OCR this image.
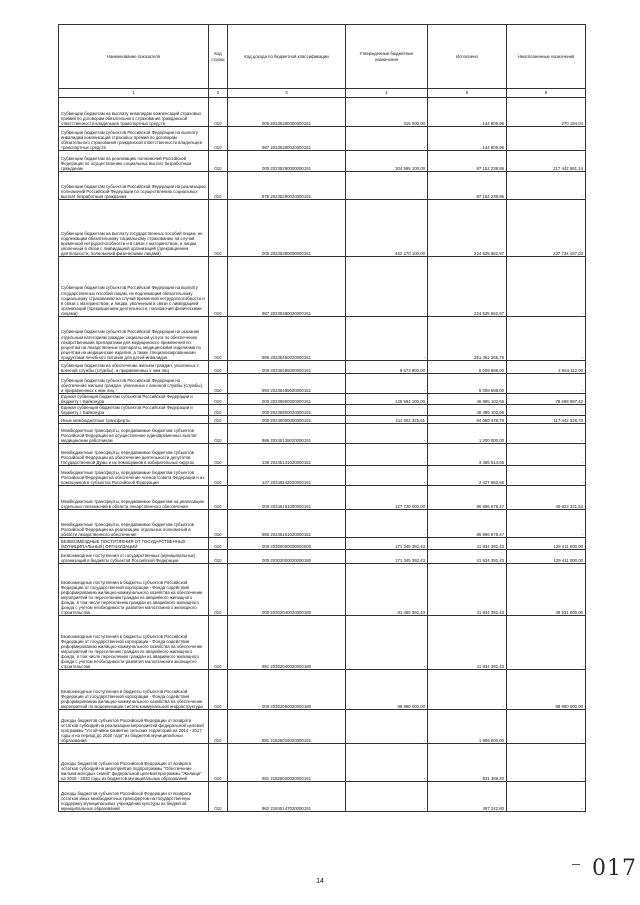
Наименование показателя	Код строки	Код дохода по бюджетной классификации	Утвержденные бюджетные назначения	Исполнено	Неисполненные назначения
1	2	3	4	5	6
Субвенции бюджетам на выплату инвалидам компенсаций страховых премий по договорам обязательного страхования гражданской ответственности владельцев транспортных средств	010	000 20235280000000151	415 000,00	144 805,96	270 194,04
Субвенции бюджетам субъектов Российской Федерации на выплату инвалидам компенсаций страховых премий по договорам обязательного страхования гражданской ответственности владельцев транспортных средств	010	987 20235280020000151	-	144 805,96	-
Субвенции бюджетам на реализацию полномочий Российской Федерации по осуществлению социальных выплат безработным гражданам	010	000 20235290000000151	304 595 100,00	87 152 238,86	217 442 861,14
Субвенции бюджетам субъектов Российской Федерации на реализацию полномочий Российской Федерации по осуществлению социальных выплат безработным гражданам	010	975 20235290020000151	-	87 152 238,86	-
Субвенции бюджетам на выплату государственных пособий лицам, не подлежащим обязательному социальному страхованию на случай временной нетрудоспособности и в связи с материнством, и лицам, уволенным в связи с ликвидацией организаций (прекращением деятельности, полномочий физическими лицами)	010	000 20235380000000151	462 270 100,00	224 535 662,97	237 734 437,03
Субвенции бюджетам субъектов Российской Федерации на выплату государственных пособий лицам, не подлежащим обязательному социальному страхованию на случай временной нетрудоспособности и в связи с материнством, и лицам, уволенным в связи с ликвидацией организаций (прекращением деятельности, полномочий физическими лицами)	010	987 20235380020000151	-	224 535 662,97	-
Субвенции бюджетам субъектов Российской Федерации на оказание отдельным категориям граждан социальной услуги по обеспечению лекарственными препаратами для медицинского применения по рецептам на лекарственные препараты, медицинскими изделиями по рецептам на медицинские изделия, а также специализированными продуктами лечебного питания для детей-инвалидов	010	986 20235460020000151	-	251 462 265,75	-
Субвенции бюджетам на обеспечение жильем граждан, уволенных с военной службы (службы), и приравненных к ним лиц	010	000 20235485000000151	9 673 800,00	5 009 688,00	4 664 112,00
Субвенции бюджетам субъектов Российской Федерации на обеспечение жильем граждан, уволенных с военной службы (службы), и приравненных к ним лиц	010	994 20235485020000151	-	5 009 688,00	-
Единая субвенция бюджетам субъектов Российской Федерации и бюджету г. Байконура	010	000 20235900000000151	125 594 100,00	46 895 102,66	78 698 997,42
Единая субвенция бюджетам субъектов Российской Федерации и бюджету г. Байконура	010	000 20235900020000151	-	46 495 102,66	-
Иные межбюджетные трансферты	010	000 20240000000000151	211 502 325,61	94 060 478,78	117 442 526,73
Межбюджетные трансферты, передаваемые бюджетам субъектов Российской Федерации на осуществление единовременных выплат медицинским работникам	010	986 20245136020000151	-	1 200 000,00	-
Межбюджетные трансферты, передаваемые бюджетам субъектов Российской Федерации на обеспечение деятельности депутатов Государственной Думы и их помощников в избирательных округах	010	139 20245141020000151	-	3 465 614,66	-
Межбюджетные трансферты, передаваемые бюджетам субъектов Российской Федерации на обеспечение членов Совета Федерации и их помощников в субъектах Российской Федерации	010	137 20245142020000151	-	2 427 683,66	-
Межбюджетные трансферты, передаваемые бюджетам на реализацию отдельных полномочий в области лекарственного обеспечения	010	000 20245161000000151	127 720 000,00	86 896 678,47	40 823 321,53
Межбюджетные трансферты, передаваемые бюджетам субъектов Российской Федерации на реализацию отдельных полномочий в области лекарственного обеспечения	010	986 20245161020000151	-	86 896 678,47	-
БЕЗВОЗМЕЗДНЫЕ ПОСТУПЛЕНИЯ ОТ ГОСУДАРСТВЕННЫХ (МУНИЦИПАЛЬНЫХ) ОРГАНИЗАЦИЙ	010	000 20300000000000000	171 345 392,43	41 934 392,43	129 411 000,00
Безвозмездные поступления от государственных (муниципальных) организаций в бюджеты субъектов Российской Федерации	010	000 20302000020000180	171 345 392,43	41 934 392,43	129 411 000,00
Безвозмездные поступления в бюджеты субъектов Российской Федерации от государственной корпорации - Фонда содействия реформированию жилищно-коммунального хозяйства на обеспечение мероприятий по переселению граждан из аварийного жилищного фонда, в том числе переселению граждан из аварийного жилищного фонда с учетом необходимости развития малоэтажного жилищного строительства	010	000 20302040020000180	81 465 392,43	41 934 392,43	39 531 000,00
Безвозмездные поступления в бюджеты субъектов Российской Федерации от государственной корпорации - Фонда содействия реформированию жилищно-коммунального хозяйства на обеспечение мероприятий по переселению граждан из аварийного жилищного фонда, в том числе переселению граждан из аварийного жилищного фонда с учетом необходимости развития малоэтажного жилищного строительства	010	991 20302040020000180	-	41 934 392,43	-
Безвозмездные поступления в бюджеты субъектов Российской Федерации от государственной корпорации - Фонда содействия реформированию жилищно-коммунального хозяйства на обеспечение мероприятий по модернизации систем коммунальной инфраструктуры	010	000 20302060020000180	89 880 000,00	-	89 880 000,00
Доходы бюджетов субъектов Российской Федерации от возврата остатков субсидий на реализацию мероприятий федеральной целевой программы "Устойчивое развитие сельских территорий на 2014 - 2017 годы и на период до 2020 года" из бюджетов муниципальных образований	010	981 21825018020000151	-	1 999 000,00	-
Доходы бюджетов субъектов Российской Федерации от возврата остатков субсидий на мероприятия подпрограммы "Обеспечение жильем молодых семей" федеральной целевой программы "Жилище" на 2015 - 2020 годы из бюджетов муниципальных образований	010	981 21825020020000151	-	831 389,20	-
Доходы бюджетов субъектов Российской Федерации от возврата остатков иных межбюджетных трансфертов на государственную поддержку муниципальных учреждений культуры из бюджетов муниципальных образований	010	962 21845147020000151	-	497 242,80	-
14
017
